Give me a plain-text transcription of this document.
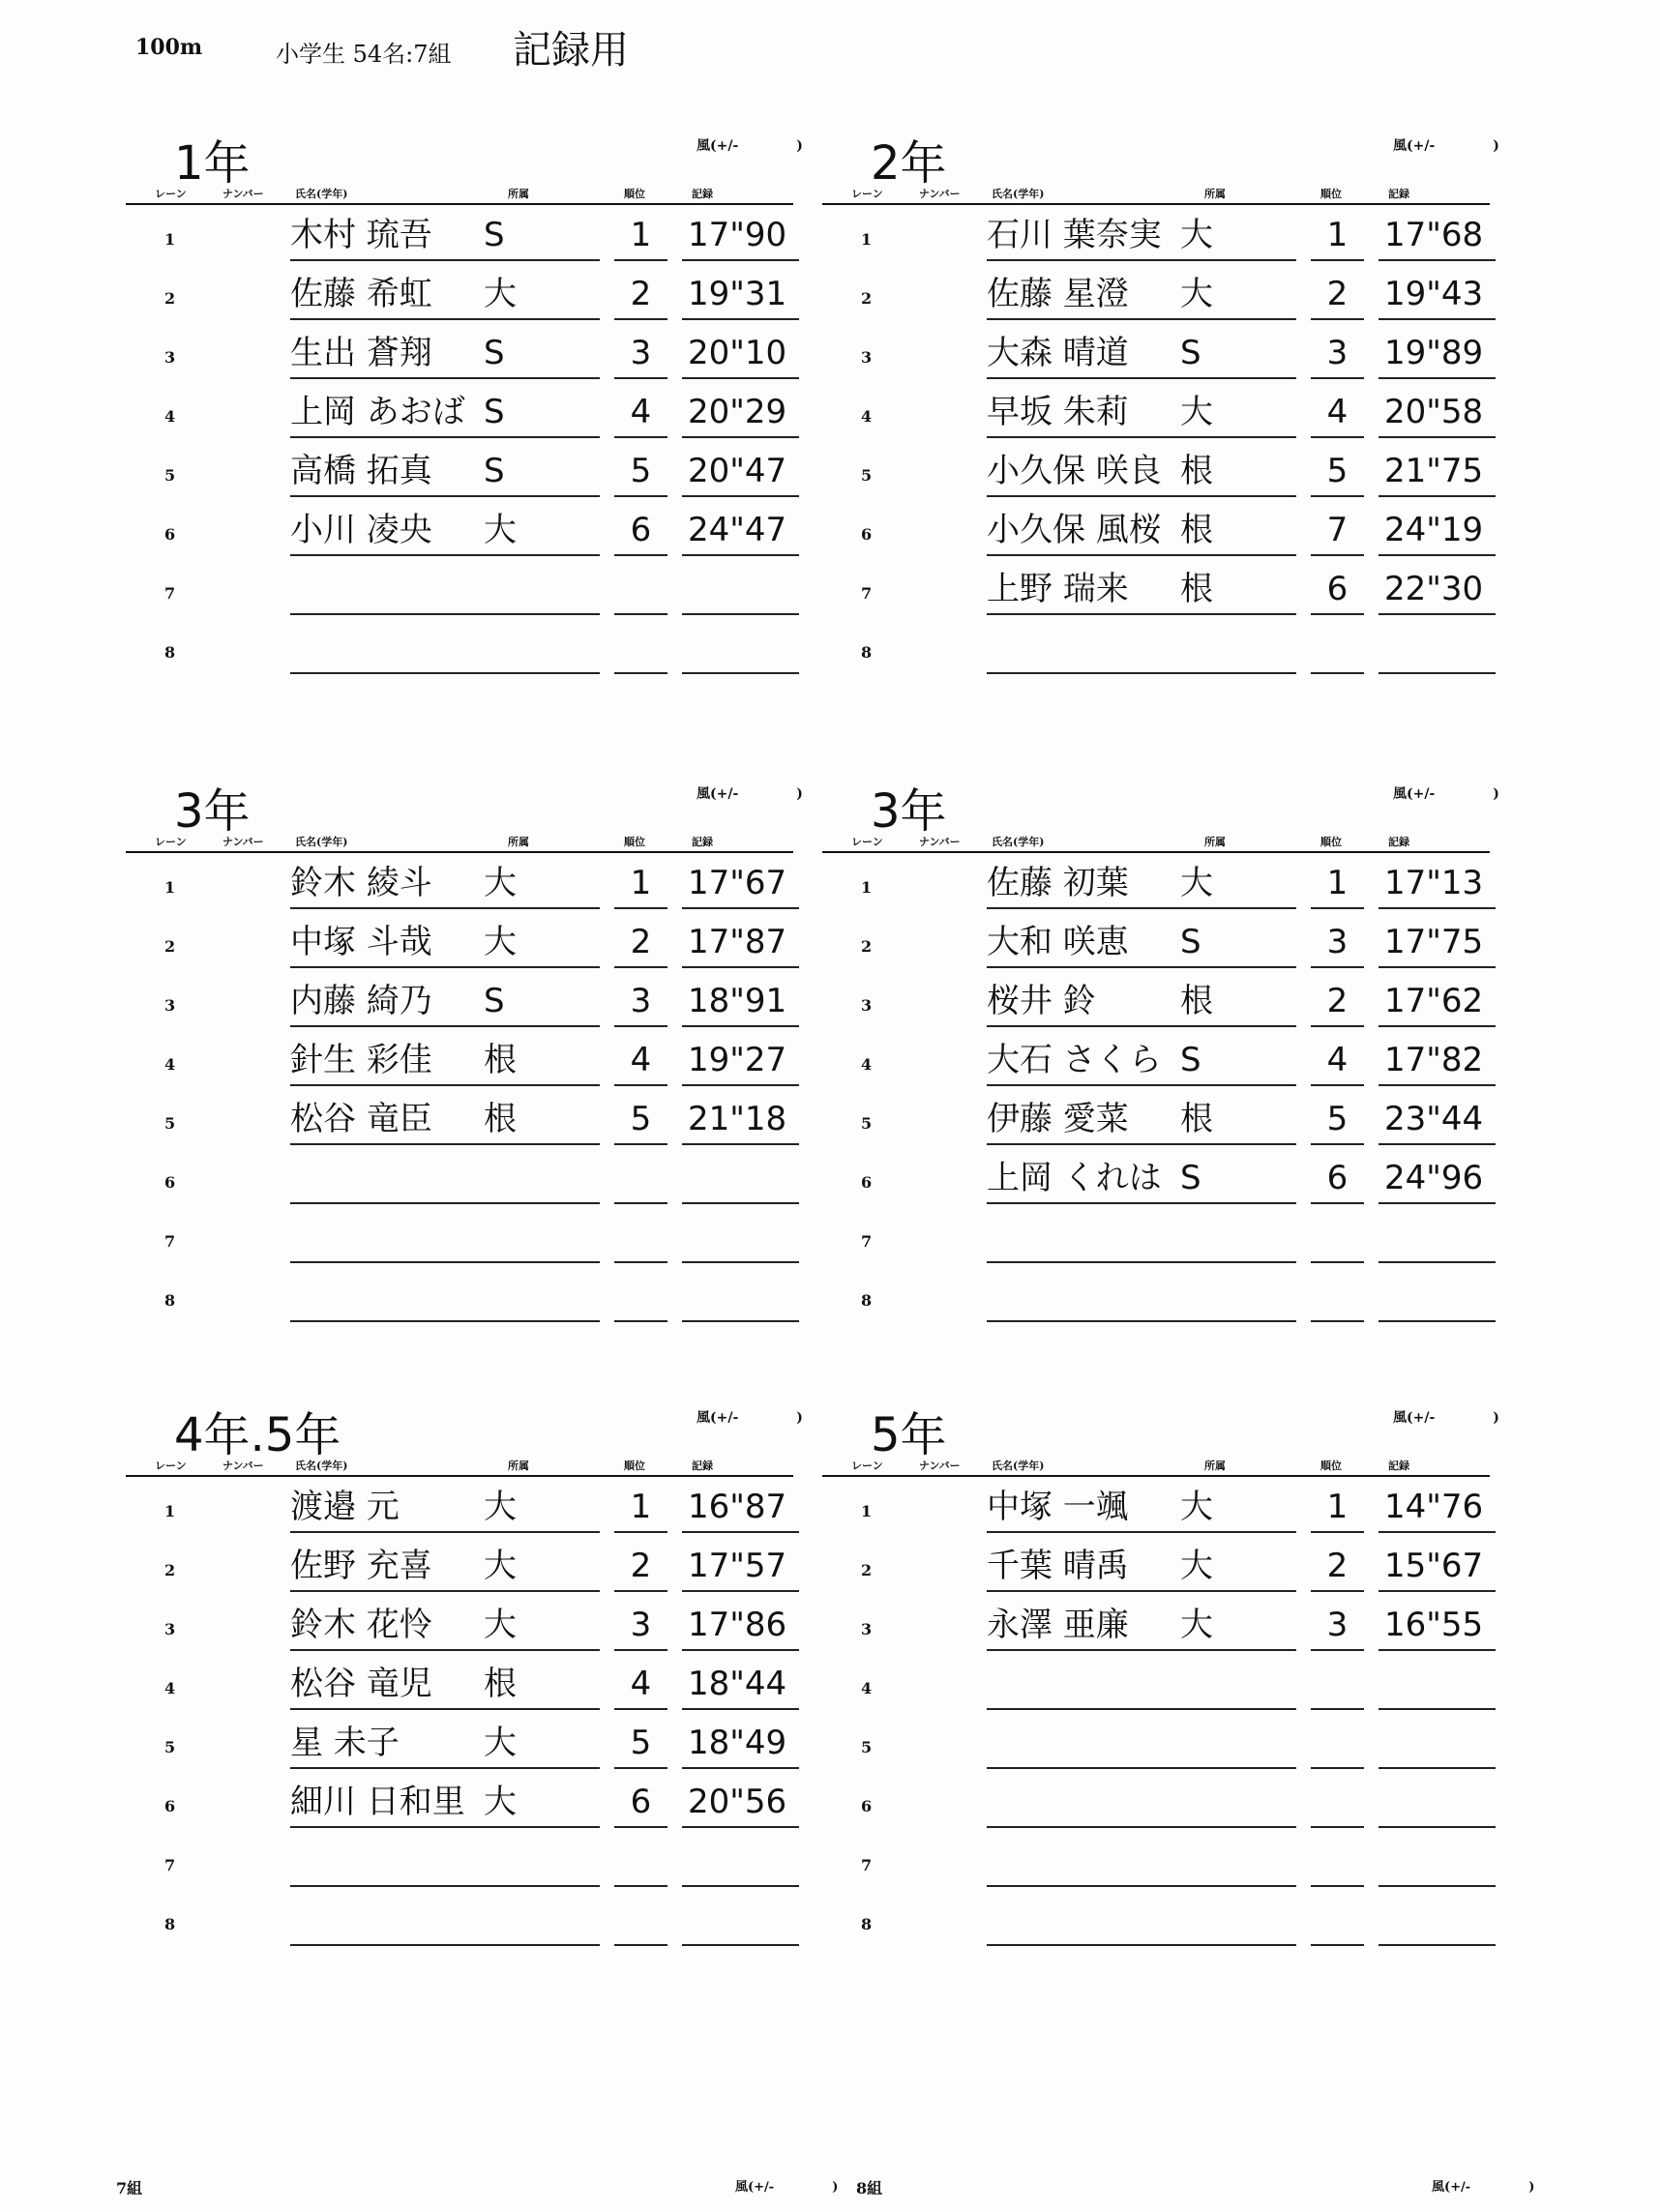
100m	小学生 54名:7組 記録用
1年	風(+/-	)
レーン	ナンバー	氏名(学年)	所属	順位	記録
1	木村 琉吾 S	1	17"90
2	佐藤 希虹 大	2	19"31
3	生出 蒼翔 S	3	20"10
4	上岡 あおば S	4	20"29
5	高橋 拓真 S	5	20"47
6	小川 凌央 大	6	24"47
7
8
2年	風(+/-	)
レーン	ナンバー	氏名(学年)	所属	順位	記録
1	石川 葉奈実 大	1	17"68
2	佐藤 星澄 大	2	19"43
3	大森 晴道 S	3	19"89
4	早坂 朱莉 大	4	20"58
5	小久保 咲良 根	5	21"75
6	小久保 風桜 根	7	24"19
7	上野 瑞来 根	6	22"30
8
3年	風(+/-	)
レーン	ナンバー	氏名(学年)	所属	順位	記録
1	鈴木 綾斗 大	1	17"67
2	中塚 斗哉 大	2	17"87
3	内藤 綺乃 S	3	18"91
4	針生 彩佳 根	4	19"27
5	松谷 竜臣 根	5	21"18
6
7
8
3年	風(+/-	)
レーン	ナンバー	氏名(学年)	所属	順位	記録
1	佐藤 初葉 大	1	17"13
2	大和 咲恵 S	3	17"75
3	桜井 鈴	根	2	17"62
4	大石 さくら S	4	17"82
5	伊藤 愛菜 根	5	23"44
6	上岡 くれは S	6	24"96
7
8
4年.5年	風(+/-	)
レーン	ナンバー	氏名(学年)	所属	順位	記録
1	渡邉 元	大	1	16"87
2	佐野 充喜 大	2	17"57
3	鈴木 花怜 大	3	17"86
4	松谷 竜児 根	4	18"44
5	星 未子	大	5	18"49
6	細川 日和里 大	6	20"56
7
8
5年	風(+/-	)
レーン	ナンバー	氏名(学年)	所属	順位	記録
1	中塚 一颯 大	1	14"76
2	千葉 晴禹 大	2	15"67
3	永澤 亜廉 大	3	16"55
4
5
6
7
8
7組	風(+/-	) 8組	風(+/-	)
